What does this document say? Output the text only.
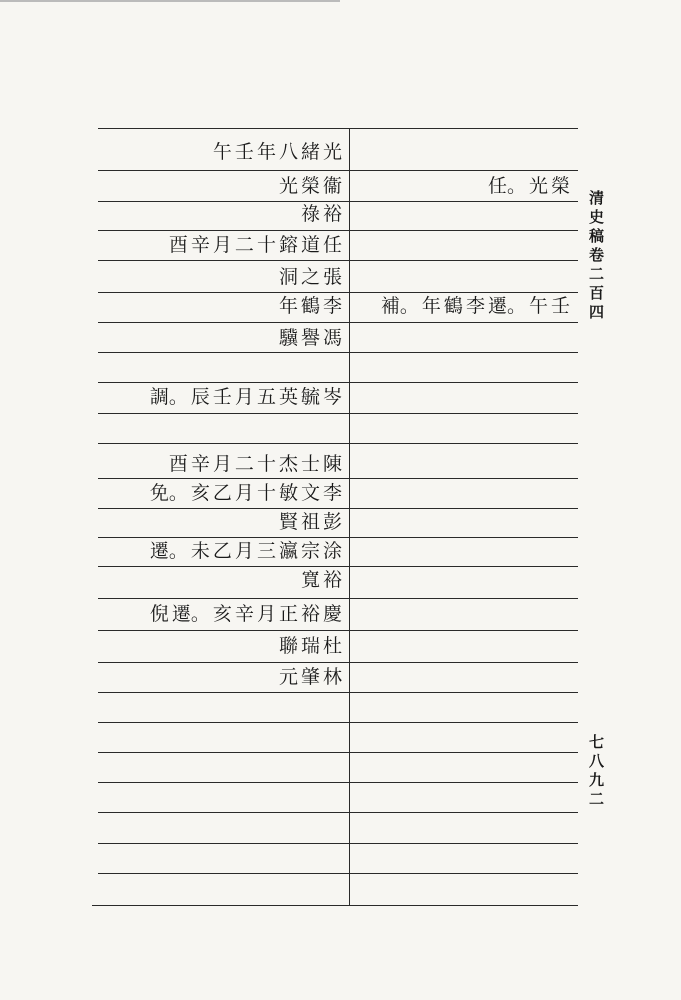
午 壬 年 八 緒 光
光 榮 衞
祿 裕
酉 辛 月 二 十 鎔 道 任
洞 之 張
年 鶴 李
驥 譽 馮
調。 辰 壬 月 五 英 毓 岑
酉 辛 月 二 十 杰 士 陳
免。 亥 乙 月 十 敏 文 李
賢 祖 彭
遷。 未 乙 月 三 瀛 宗 涂
寬 裕
倪 遷。 亥 辛 月 正 裕 慶
聯 瑞 杜
元 肇 林
任。 光 榮
補。 年 鶴 李 遷。 午 壬 清史稿卷二百四
七八九二
